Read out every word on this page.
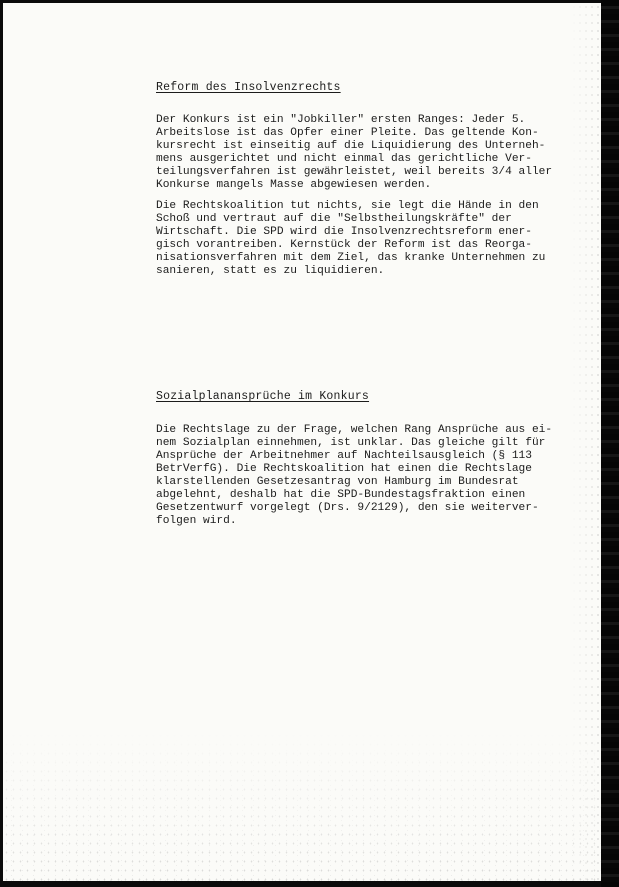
Reform des Insolvenzrechts
Der Konkurs ist ein "Jobkiller" ersten Ranges: Jeder 5.
Arbeitslose ist das Opfer einer Pleite. Das geltende Kon-
kursrecht ist einseitig auf die Liquidierung des Unterneh-
mens ausgerichtet und nicht einmal das gerichtliche Ver-
teilungsverfahren ist gewährleistet, weil bereits 3/4 aller
Konkurse mangels Masse abgewiesen werden.
Die Rechtskoalition tut nichts, sie legt die Hände in den
Schoß und vertraut auf die "Selbstheilungskräfte" der
Wirtschaft. Die SPD wird die Insolvenzrechtsreform ener-
gisch vorantreiben. Kernstück der Reform ist das Reorga-
nisationsverfahren mit dem Ziel, das kranke Unternehmen zu
sanieren, statt es zu liquidieren.
Sozialplanansprüche im Konkurs
Die Rechtslage zu der Frage, welchen Rang Ansprüche aus ei-
nem Sozialplan einnehmen, ist unklar. Das gleiche gilt für
Ansprüche der Arbeitnehmer auf Nachteilsausgleich (§ 113
BetrVerfG). Die Rechtskoalition hat einen die Rechtslage
klarstellenden Gesetzesantrag von Hamburg im Bundesrat
abgelehnt, deshalb hat die SPD-Bundestagsfraktion einen
Gesetzentwurf vorgelegt (Drs. 9/2129), den sie weiterver-
folgen wird.
